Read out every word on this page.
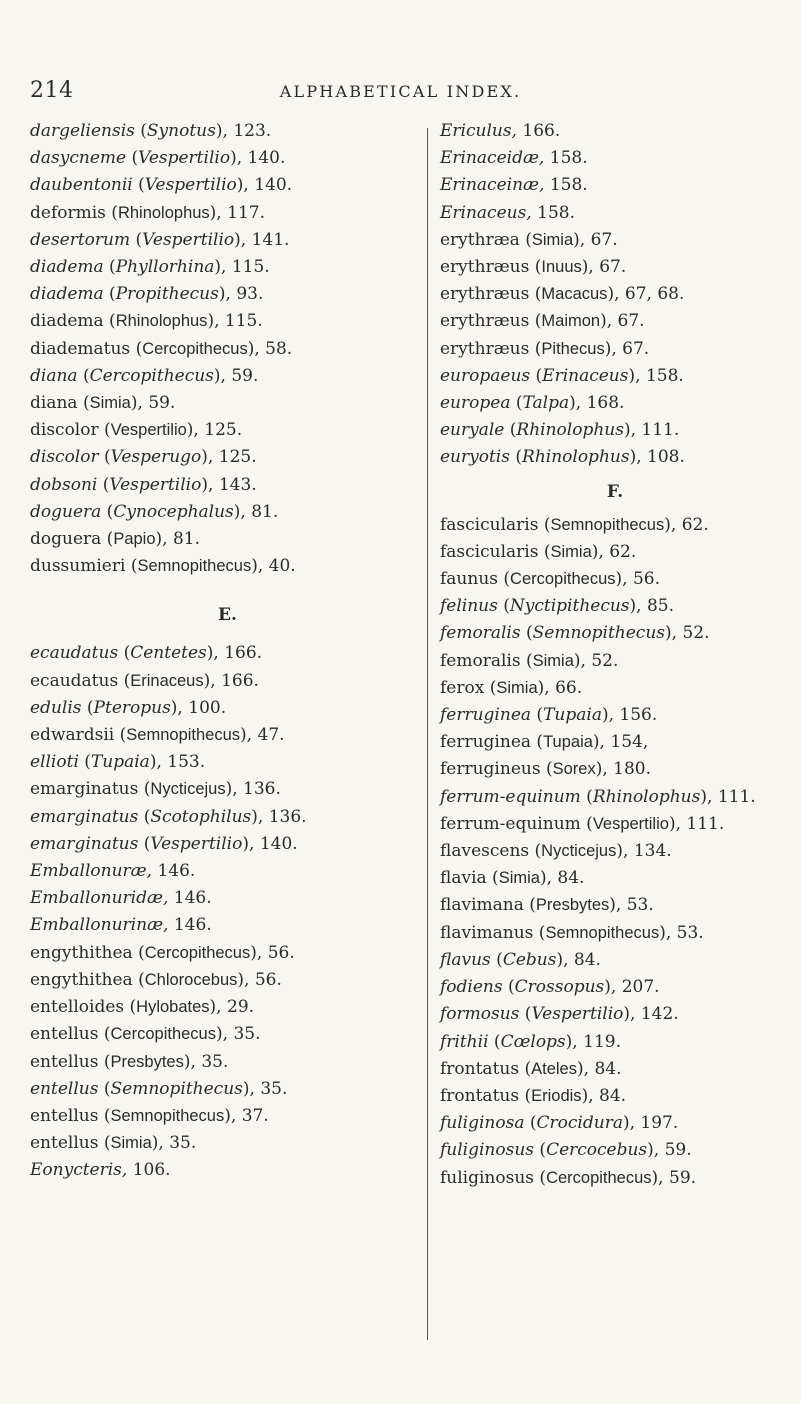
214	ALPHABETICAL INDEX.
dargeliensis (Synotus), 123.
dasycneme (Vespertilio), 140.
daubentonii (Vespertilio), 140.
deformis (Rhinolophus), 117.
desertorum (Vespertilio), 141.
diadema (Phyllorhina), 115.
diadema (Propithecus), 93.
diadema (Rhinolophus), 115.
diadematus (Cercopithecus), 58.
diana (Cercopithecus), 59.
diana (Simia), 59.
discolor (Vespertilio), 125.
discolor (Vesperugo), 125.
dobsoni (Vespertilio), 143.
doguera (Cynocephalus), 81.
doguera (Papio), 81.
dussumieri (Semnopithecus), 40.
E.
ecaudatus (Centetes), 166.
ecaudatus (Erinaceus), 166.
edulis (Pteropus), 100.
edwardsii (Semnopithecus), 47.
ellioti (Tupaia), 153.
emarginatus (Nycticejus), 136.
emarginatus (Scotophilus), 136.
emarginatus (Vespertilio), 140.
Emballonuræ, 146.
Emballonuridæ, 146.
Emballonurinæ, 146.
engythithea (Cercopithecus), 56.
engythithea (Chlorocebus), 56.
entelloides (Hylobates), 29.
entellus (Cercopithecus), 35.
entellus (Presbytes), 35.
entellus (Semnopithecus), 35.
entellus (Semnopithecus), 37.
entellus (Simia), 35.
Eonycteris, 106.
Ericulus, 166.
Erinaceidæ, 158.
Erinaceinæ, 158.
Erinaceus, 158.
erythræa (Simia), 67.
erythræus (Inuus), 67.
erythræus (Macacus), 67, 68.
erythræus (Maimon), 67.
erythræus (Pithecus), 67.
europaeus (Erinaceus), 158.
europea (Talpa), 168.
euryale (Rhinolophus), 111.
euryotis (Rhinolophus), 108.
F.
fascicularis (Semnopithecus), 62.
fascicularis (Simia), 62.
faunus (Cercopithecus), 56.
felinus (Nyctipithecus), 85.
femoralis (Semnopithecus), 52.
femoralis (Simia), 52.
ferox (Simia), 66.
ferruginea (Tupaia), 156.
ferruginea (Tupaia), 154,
ferrugineus (Sorex), 180.
ferrum-equinum (Rhinolophus), 111.
ferrum-equinum (Vespertilio), 111.
flavescens (Nycticejus), 134.
flavia (Simia), 84.
flavimana (Presbytes), 53.
flavimanus (Semnopithecus), 53.
flavus (Cebus), 84.
fodiens (Crossopus), 207.
formosus (Vespertilio), 142.
frithii (Cœlops), 119.
frontatus (Ateles), 84.
frontatus (Eriodis), 84.
fuliginosa (Crocidura), 197.
fuliginosus (Cercocebus), 59.
fuliginosus (Cercopithecus), 59.
